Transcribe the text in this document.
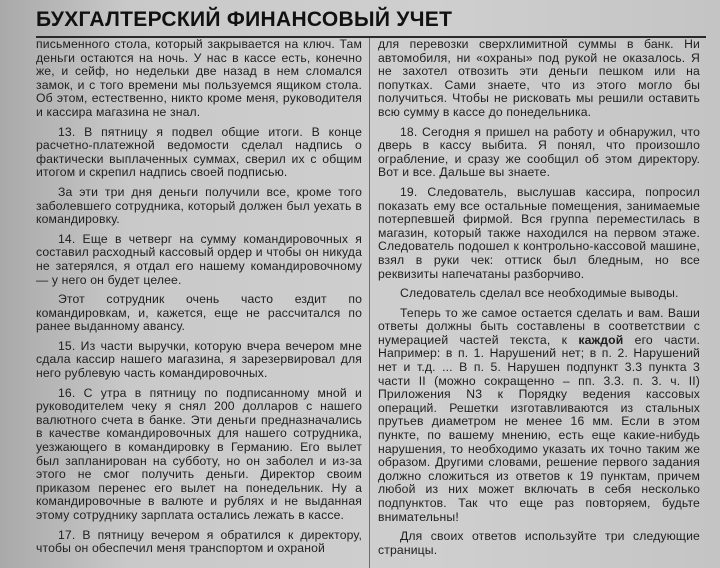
БУХГАЛТЕРСКИЙ ФИНАНСОВЫЙ УЧЕТ

письменного стола, который закрывается на ключ. Там деньги остаются на ночь. У нас в кассе есть, конечно же, и сейф, но недельки две назад в нем сломался замок, и с того времени мы пользуемся ящиком стола. Об этом, естественно, никто кроме меня, руководителя и кассира магазина не знал.

13. В пятницу я подвел общие итоги. В конце расчетно-платежной ведомости сделал надпись о фактически выплаченных суммах, сверил их с общим итогом и скрепил надпись своей подписью.

За эти три дня деньги получили все, кроме того заболевшего сотрудника, который должен был уехать в командировку.

14. Еще в четверг на сумму командировочных я составил расходный кассовый ордер и чтобы он никуда не затерялся, я отдал его нашему командировочному — у него он будет целее.

Этот сотрудник очень часто ездит по командировкам, и, кажется, еще не рассчитался по ранее выданному авансу.

15. Из части выручки, которую вчера вечером мне сдала кассир нашего магазина, я зарезервировал для него рублевую часть командировочных.

16. С утра в пятницу по подписанному мной и руководителем чеку я снял 200 долларов с нашего валютного счета в банке. Эти деньги предназначались в качестве командировочных для нашего сотрудника, уезжающего в командировку в Германию. Его вылет был запланирован на субботу, но он заболел и из-за этого не смог получить деньги. Директор своим приказом перенес его вылет на понедельник. Ну а командировочные в валюте и рублях и не выданная этому сотруднику зарплата остались лежать в кассе.

17. В пятницу вечером я обратился к директору, чтобы он обеспечил меня транспортом и охраной

для перевозки сверхлимитной суммы в банк. Ни автомобиля, ни «охраны» под рукой не оказалось. Я не захотел отвозить эти деньги пешком или на попутках. Сами знаете, что из этого могло бы получиться. Чтобы не рисковать мы решили оставить всю сумму в кассе до понедельника.

18. Сегодня я пришел на работу и обнаружил, что дверь в кассу выбита. Я понял, что произошло ограбление, и сразу же сообщил об этом директору. Вот и все. Дальше вы знаете.

19. Следователь, выслушав кассира, попросил показать ему все остальные помещения, занимаемые потерпевшей фирмой. Вся группа переместилась в магазин, который также находился на первом этаже. Следователь подошел к контрольно-кассовой машине, взял в руки чек: оттиск был бледным, но все реквизиты напечатаны разборчиво.

Следователь сделал все необходимые выводы.

Теперь то же самое остается сделать и вам. Ваши ответы должны быть составлены в соответствии с нумерацией частей текста, к каждой его части. Например: в п. 1. Нарушений нет; в п. 2. Нарушений нет и т.д. ... В п. 5. Нарушен подпункт 3.3 пункта 3 части II (можно сокращенно – пп. 3.3. п. 3. ч. II) Приложения N3 к Порядку ведения кассовых операций. Решетки изготавливаются из стальных прутьев диаметром не менее 16 мм. Если в этом пункте, по вашему мнению, есть еще какие-нибудь нарушения, то необходимо указать их точно таким же образом. Другими словами, решение первого задания должно сложиться из ответов к 19 пунктам, причем любой из них может включать в себя несколько подпунктов. Так что еще раз повторяем, будьте внимательны!

Для своих ответов используйте три следующие страницы.
